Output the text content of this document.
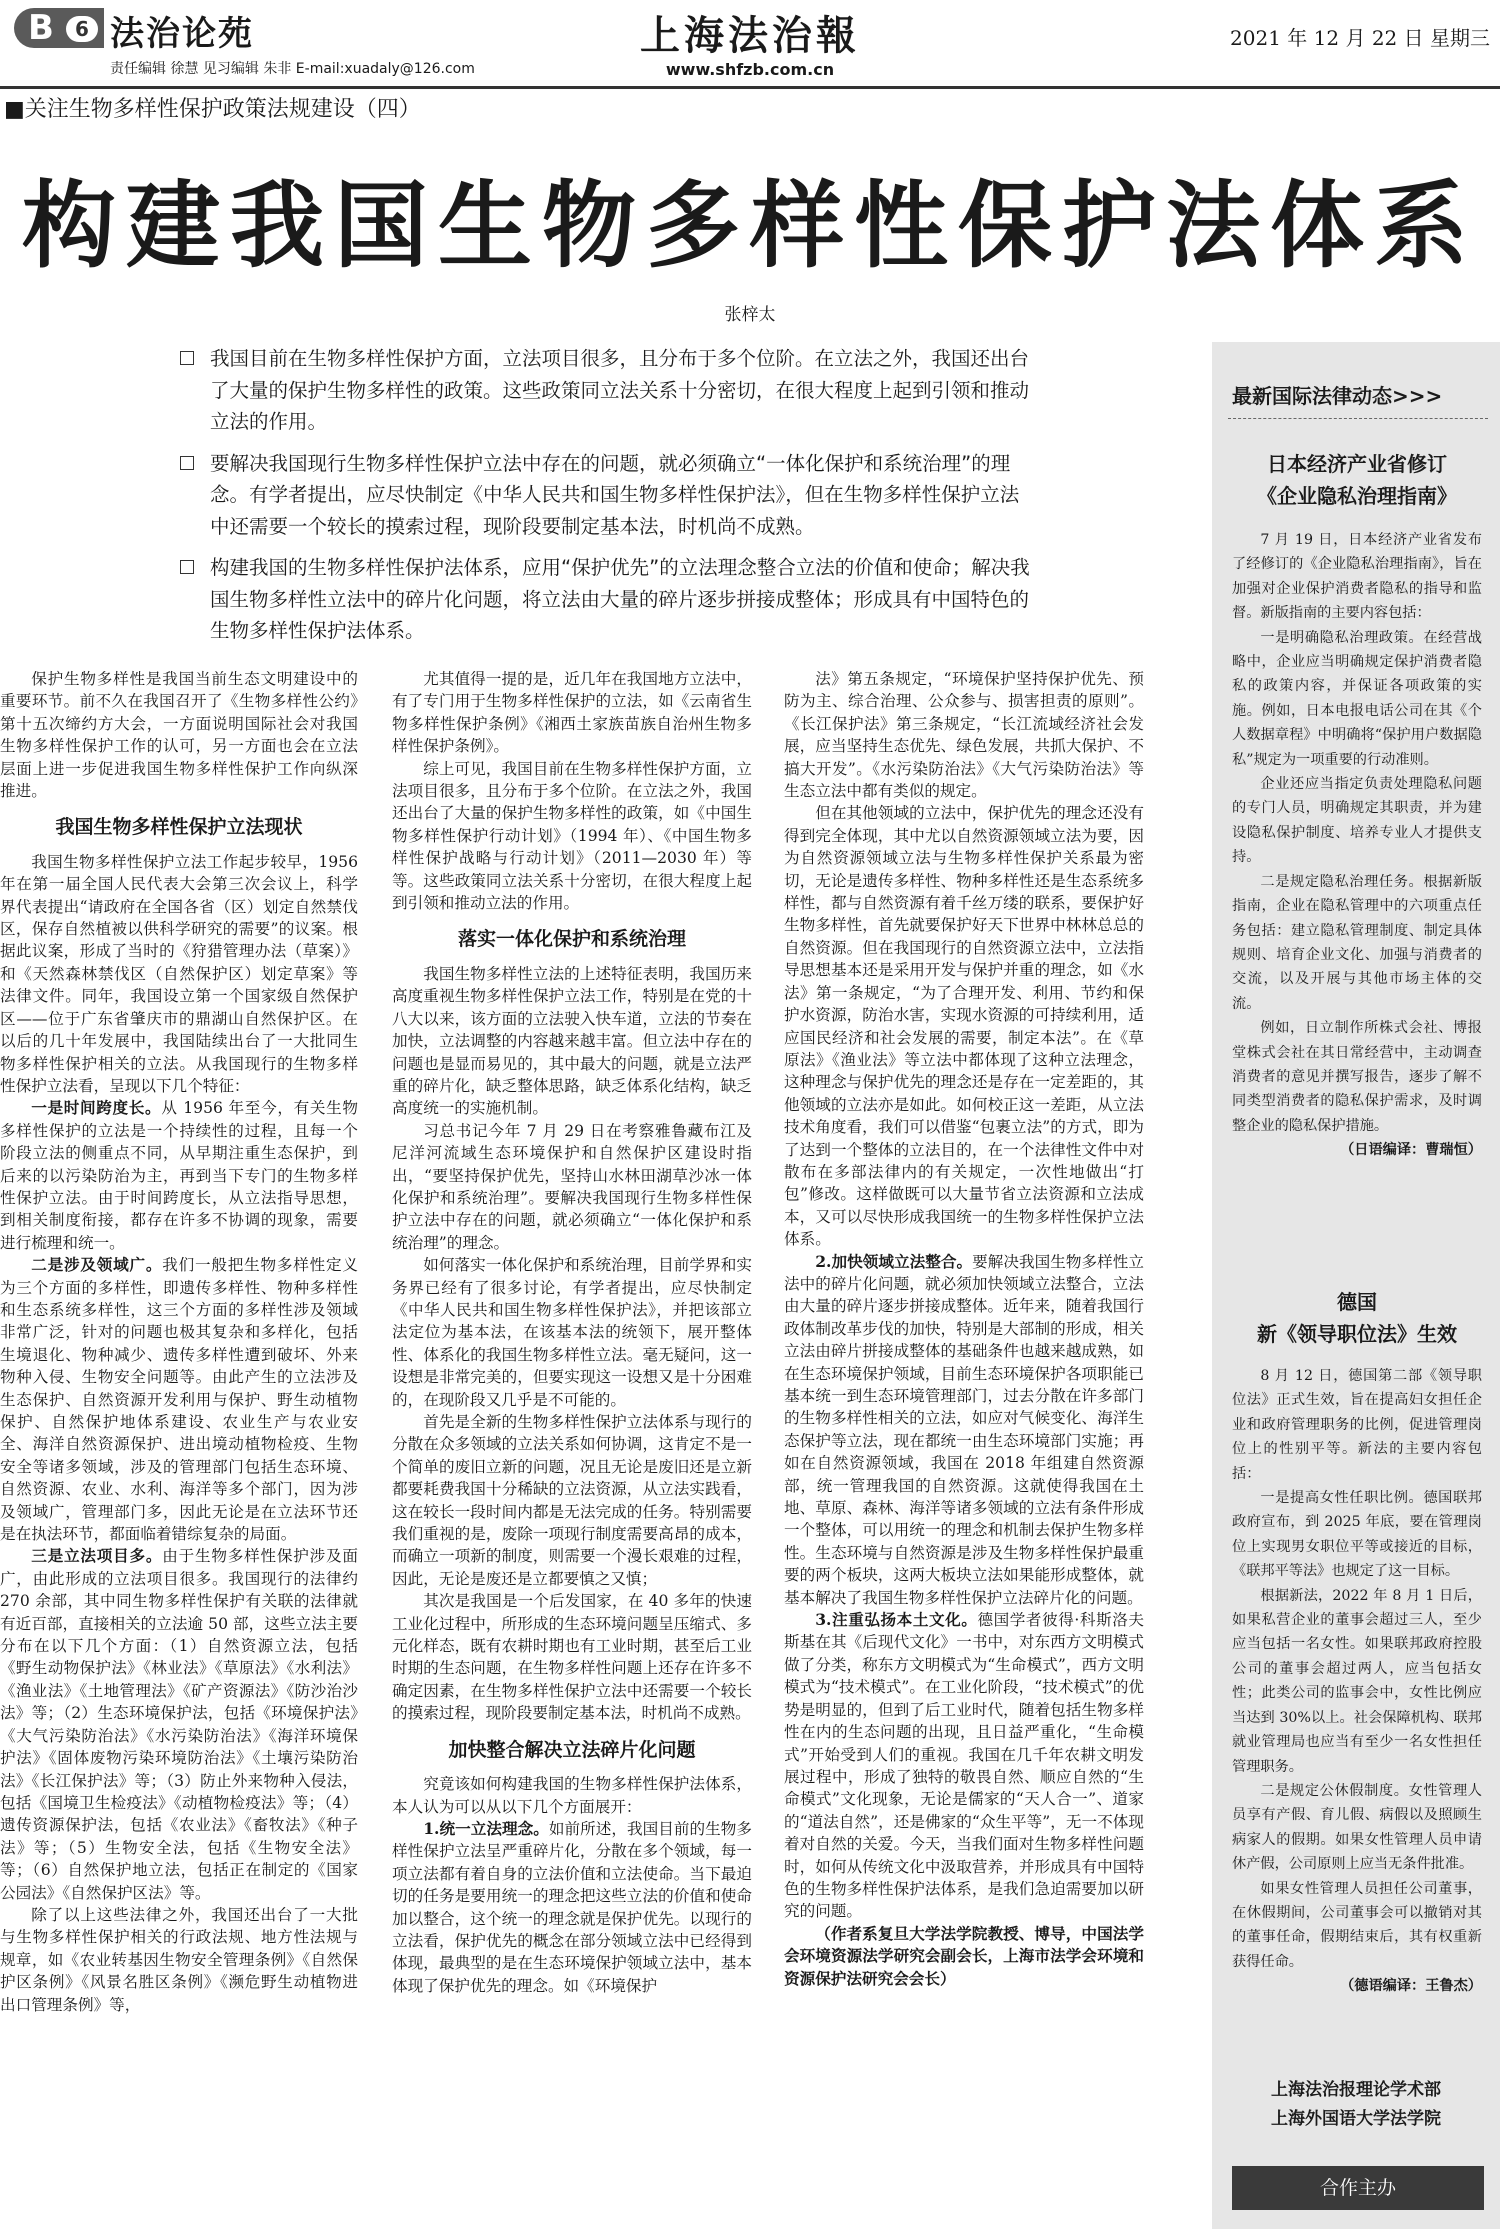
B	6 法治论苑
责任编辑 徐慧 见习编辑 朱非 E-mail:xuadaly@126.com
上海法治報
www.shfzb.com.cn
2021 年 12 月 22 日 星期三
■关注生物多样性保护政策法规建设（四）
构建我国生物多样性保护法体系
张梓太
我国目前在生物多样性保护方面，立法项目很多，且分布于多个位阶。在立法之外，我国还出台了大量的保护生物多样性的政策。这些政策同立法关系十分密切，在很大程度上起到引领和推动立法的作用。
要解决我国现行生物多样性保护立法中存在的问题，就必须确立“一体化保护和系统治理”的理念。有学者提出，应尽快制定《中华人民共和国生物多样性保护法》，但在生物多样性保护立法中还需要一个较长的摸索过程，现阶段要制定基本法，时机尚不成熟。
构建我国的生物多样性保护法体系，应用“保护优先”的立法理念整合立法的价值和使命；解决我国生物多样性立法中的碎片化问题，将立法由大量的碎片逐步拼接成整体；形成具有中国特色的生物多样性保护法体系。

保护生物多样性是我国当前生态文明建设中的重要环节。前不久在我国召开了《生物多样性公约》第十五次缔约方大会，一方面说明国际社会对我国生物多样性保护工作的认可，另一方面也会在立法层面上进一步促进我国生物多样性保护工作向纵深推进。

我国生物多样性保护立法现状

我国生物多样性保护立法工作起步较早，1956 年在第一届全国人民代表大会第三次会议上，科学界代表提出“请政府在全国各省（区）划定自然禁伐区，保存自然植被以供科学研究的需要”的议案。根据此议案，形成了当时的《狩猎管理办法（草案）》和《天然森林禁伐区（自然保护区）划定草案》等法律文件。同年，我国设立第一个国家级自然保护区——位于广东省肇庆市的鼎湖山自然保护区。在以后的几十年发展中，我国陆续出台了一大批同生物多样性保护相关的立法。从我国现行的生物多样性保护立法看，呈现以下几个特征：

一是时间跨度长。从 1956 年至今，有关生物多样性保护的立法是一个持续性的过程，且每一个阶段立法的侧重点不同，从早期注重生态保护，到后来的以污染防治为主，再到当下专门的生物多样性保护立法。由于时间跨度长，从立法指导思想，到相关制度衔接，都存在许多不协调的现象，需要进行梳理和统一。

二是涉及领域广。我们一般把生物多样性定义为三个方面的多样性，即遗传多样性、物种多样性和生态系统多样性，这三个方面的多样性涉及领域非常广泛，针对的问题也极其复杂和多样化，包括生境退化、物种减少、遗传多样性遭到破坏、外来物种入侵、生物安全问题等。由此产生的立法涉及生态保护、自然资源开发利用与保护、野生动植物保护、自然保护地体系建设、农业生产与农业安全、海洋自然资源保护、进出境动植物检疫、生物安全等诸多领域，涉及的管理部门包括生态环境、自然资源、农业、水利、海洋等多个部门，因为涉及领域广，管理部门多，因此无论是在立法环节还是在执法环节，都面临着错综复杂的局面。

三是立法项目多。由于生物多样性保护涉及面广，由此形成的立法项目很多。我国现行的法律约 270 余部，其中同生物多样性保护有关联的法律就有近百部，直接相关的立法逾 50 部，这些立法主要分布在以下几个方面：（1）自然资源立法，包括《野生动物保护法》《林业法》《草原法》《水利法》《渔业法》《土地管理法》《矿产资源法》《防沙治沙法》等；（2）生态环境保护法，包括《环境保护法》《大气污染防治法》《水污染防治法》《海洋环境保护法》《固体废物污染环境防治法》《土壤污染防治法》《长江保护法》等；（3）防止外来物种入侵法，包括《国境卫生检疫法》《动植物检疫法》等；（4）遗传资源保护法，包括《农业法》《畜牧法》《种子法》等；（5）生物安全法，包括《生物安全法》等；（6）自然保护地立法，包括正在制定的《国家公园法》《自然保护区法》等。

除了以上这些法律之外，我国还出台了一大批与生物多样性保护相关的行政法规、地方性法规与规章，如《农业转基因生物安全管理条例》《自然保护区条例》《风景名胜区条例》《濒危野生动植物进出口管理条例》等，

尤其值得一提的是，近几年在我国地方立法中，有了专门用于生物多样性保护的立法，如《云南省生物多样性保护条例》《湘西土家族苗族自治州生物多样性保护条例》。

综上可见，我国目前在生物多样性保护方面，立法项目很多，且分布于多个位阶。在立法之外，我国还出台了大量的保护生物多样性的政策，如《中国生物多样性保护行动计划》（1994 年）、《中国生物多样性保护战略与行动计划》（2011—2030 年）等等。这些政策同立法关系十分密切，在很大程度上起到引领和推动立法的作用。

落实一体化保护和系统治理

我国生物多样性立法的上述特征表明，我国历来高度重视生物多样性保护立法工作，特别是在党的十八大以来，该方面的立法驶入快车道，立法的节奏在加快，立法调整的内容越来越丰富。但立法中存在的问题也是显而易见的，其中最大的问题，就是立法严重的碎片化，缺乏整体思路，缺乏体系化结构，缺乏高度统一的实施机制。

习总书记今年 7 月 29 日在考察雅鲁藏布江及尼洋河流域生态环境保护和自然保护区建设时指出，“要坚持保护优先，坚持山水林田湖草沙冰一体化保护和系统治理”。要解决我国现行生物多样性保护立法中存在的问题，就必须确立“一体化保护和系统治理”的理念。

如何落实一体化保护和系统治理，目前学界和实务界已经有了很多讨论，有学者提出，应尽快制定《中华人民共和国生物多样性保护法》，并把该部立法定位为基本法，在该基本法的统领下，展开整体性、体系化的我国生物多样性立法。毫无疑问，这一设想是非常完美的，但要实现这一设想又是十分困难的，在现阶段又几乎是不可能的。

首先是全新的生物多样性保护立法体系与现行的分散在众多领域的立法关系如何协调，这肯定不是一个简单的废旧立新的问题，况且无论是废旧还是立新都要耗费我国十分稀缺的立法资源，从立法实践看，这在较长一段时间内都是无法完成的任务。特别需要我们重视的是，废除一项现行制度需要高昂的成本，而确立一项新的制度，则需要一个漫长艰难的过程，因此，无论是废还是立都要慎之又慎；

其次是我国是一个后发国家，在 40 多年的快速工业化过程中，所形成的生态环境问题呈压缩式、多元化样态，既有农耕时期也有工业时期，甚至后工业时期的生态问题，在生物多样性问题上还存在许多不确定因素，在生物多样性保护立法中还需要一个较长的摸索过程，现阶段要制定基本法，时机尚不成熟。

加快整合解决立法碎片化问题

究竟该如何构建我国的生物多样性保护法体系，本人认为可以从以下几个方面展开：

1.统一立法理念。如前所述，我国目前的生物多样性保护立法呈严重碎片化，分散在多个领域，每一项立法都有着自身的立法价值和立法使命。当下最迫切的任务是要用统一的理念把这些立法的价值和使命加以整合，这个统一的理念就是保护优先。以现行的立法看，保护优先的概念在部分领域立法中已经得到体现，最典型的是在生态环境保护领域立法中，基本体现了保护优先的理念。如《环境保护

法》第五条规定，“环境保护坚持保护优先、预防为主、综合治理、公众参与、损害担责的原则”。《长江保护法》第三条规定，“长江流域经济社会发展，应当坚持生态优先、绿色发展，共抓大保护、不搞大开发”。《水污染防治法》《大气污染防治法》等生态立法中都有类似的规定。

但在其他领域的立法中，保护优先的理念还没有得到完全体现，其中尤以自然资源领域立法为要，因为自然资源领域立法与生物多样性保护关系最为密切，无论是遗传多样性、物种多样性还是生态系统多样性，都与自然资源有着千丝万缕的联系，要保护好生物多样性，首先就要保护好天下世界中林林总总的自然资源。但在我国现行的自然资源立法中，立法指导思想基本还是采用开发与保护并重的理念，如《水法》第一条规定，“为了合理开发、利用、节约和保护水资源，防治水害，实现水资源的可持续利用，适应国民经济和社会发展的需要，制定本法”。在《草原法》《渔业法》等立法中都体现了这种立法理念，这种理念与保护优先的理念还是存在一定差距的，其他领域的立法亦是如此。如何校正这一差距，从立法技术角度看，我们可以借鉴“包裹立法”的方式，即为了达到一个整体的立法目的，在一个法律性文件中对散布在多部法律内的有关规定，一次性地做出“打包”修改。这样做既可以大量节省立法资源和立法成本，又可以尽快形成我国统一的生物多样性保护立法体系。

2.加快领域立法整合。要解决我国生物多样性立法中的碎片化问题，就必须加快领域立法整合，立法由大量的碎片逐步拼接成整体。近年来，随着我国行政体制改革步伐的加快，特别是大部制的形成，相关立法由碎片拼接成整体的基础条件也越来越成熟，如在生态环境保护领域，目前生态环境保护各项职能已基本统一到生态环境管理部门，过去分散在许多部门的生物多样性相关的立法，如应对气候变化、海洋生态保护等立法，现在都统一由生态环境部门实施；再如在自然资源领域，我国在 2018 年组建自然资源部，统一管理我国的自然资源。这就使得我国在土地、草原、森林、海洋等诸多领域的立法有条件形成一个整体，可以用统一的理念和机制去保护生物多样性。生态环境与自然资源是涉及生物多样性保护最重要的两个板块，这两大板块立法如果能形成整体，就基本解决了我国生物多样性保护立法碎片化的问题。

3.注重弘扬本土文化。德国学者彼得·科斯洛夫斯基在其《后现代文化》一书中，对东西方文明模式做了分类，称东方文明模式为“生命模式”，西方文明模式为“技术模式”。在工业化阶段，“技术模式”的优势是明显的，但到了后工业时代，随着包括生物多样性在内的生态问题的出现，且日益严重化，“生命模式”开始受到人们的重视。我国在几千年农耕文明发展过程中，形成了独特的敬畏自然、顺应自然的“生命模式”文化现象，无论是儒家的“天人合一”、道家的“道法自然”，还是佛家的“众生平等”，无一不体现着对自然的关爱。今天，当我们面对生物多样性问题时，如何从传统文化中汲取营养，并形成具有中国特色的生物多样性保护法体系，是我们急迫需要加以研究的问题。

（作者系复旦大学法学院教授、博导，中国法学会环境资源法学研究会副会长，上海市法学会环境和资源保护法研究会会长）

最新国际法律动态>>>
日本经济产业省修订
《企业隐私治理指南》

7 月 19 日，日本经济产业省发布了经修订的《企业隐私治理指南》，旨在加强对企业保护消费者隐私的指导和监督。新版指南的主要内容包括：

一是明确隐私治理政策。在经营战略中，企业应当明确规定保护消费者隐私的政策内容，并保证各项政策的实施。例如，日本电报电话公司在其《个人数据章程》中明确将“保护用户数据隐私”规定为一项重要的行动准则。

企业还应当指定负责处理隐私问题的专门人员，明确规定其职责，并为建设隐私保护制度、培养专业人才提供支持。

二是规定隐私治理任务。根据新版指南，企业在隐私管理中的六项重点任务包括：建立隐私管理制度、制定具体规则、培育企业文化、加强与消费者的交流，以及开展与其他市场主体的交流。

例如，日立制作所株式会社、博报堂株式会社在其日常经营中，主动调查消费者的意见并撰写报告，逐步了解不同类型消费者的隐私保护需求，及时调整企业的隐私保护措施。

（日语编译：曹瑞恒）
德国
新《领导职位法》生效

8 月 12 日，德国第二部《领导职位法》正式生效，旨在提高妇女担任企业和政府管理职务的比例，促进管理岗位上的性别平等。新法的主要内容包括：

一是提高女性任职比例。德国联邦政府宣布，到 2025 年底，要在管理岗位上实现男女职位平等或接近的目标，《联邦平等法》也规定了这一目标。

根据新法，2022 年 8 月 1 日后，如果私营企业的董事会超过三人，至少应当包括一名女性。如果联邦政府控股公司的董事会超过两人，应当包括女性；此类公司的监事会中，女性比例应当达到 30%以上。社会保障机构、联邦就业管理局也应当有至少一名女性担任管理职务。

二是规定公休假制度。女性管理人员享有产假、育儿假、病假以及照顾生病家人的假期。如果女性管理人员申请休产假，公司原则上应当无条件批准。

如果女性管理人员担任公司董事，在休假期间，公司董事会可以撤销对其的董事任命，假期结束后，其有权重新获得任命。

（德语编译：王鲁杰）
上海法治报理论学术部
上海外国语大学法学院
合作主办
